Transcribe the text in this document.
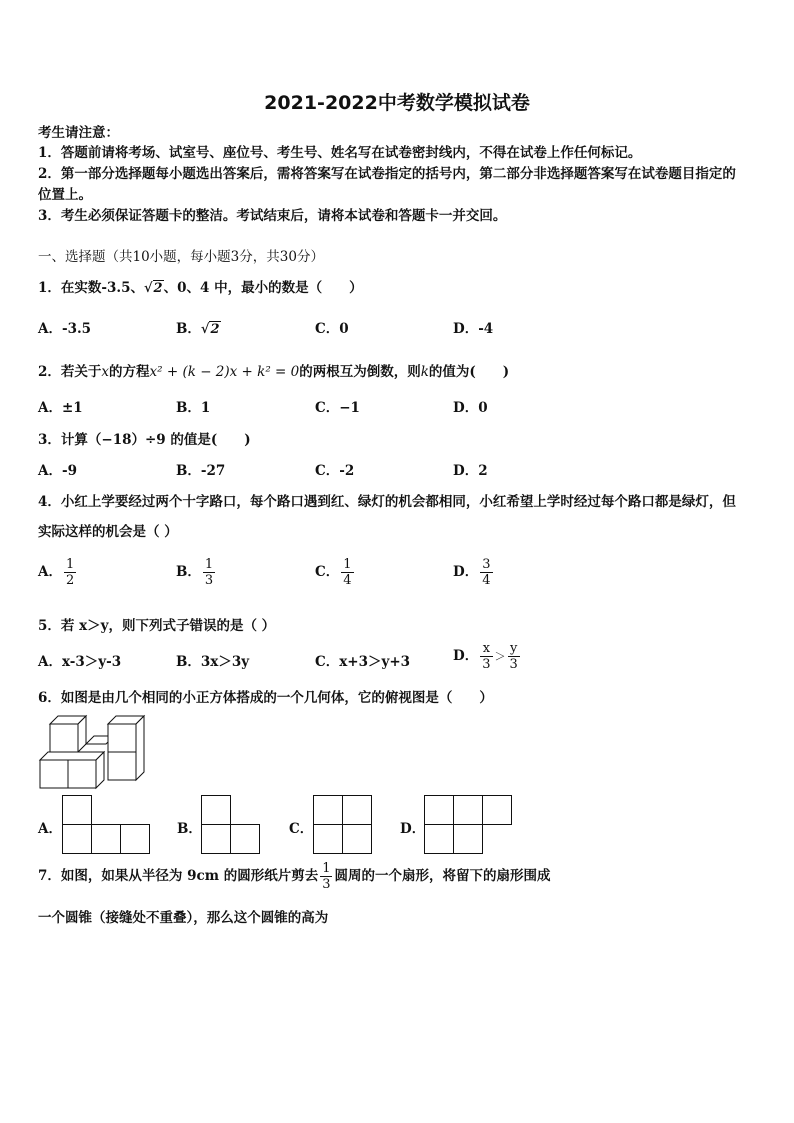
2021-2022中考数学模拟试卷
考生请注意：
1．答题前请将考场、试室号、座位号、考生号、姓名写在试卷密封线内，不得在试卷上作任何标记。
2．第一部分选择题每小题选出答案后，需将答案写在试卷指定的括号内，第二部分非选择题答案写在试卷题目指定的
位置上。
3．考生必须保证答题卡的整洁。考试结束后，请将本试卷和答题卡一并交回。
一、选择题（共10小题，每小题3分，共30分）
1．在实数-3.5、√2、0、4 中，最小的数是（　　）
A．-3.5	B．√2	C．0	D．-4
2．若关于x的方程x² + (k − 2)x + k² = 0的两根互为倒数，则k的值为(　　)
A．±1	B．1	C．−1	D．0
3．计算（−18）÷9 的值是(　　)
A．-9	B．-27	C．-2	D．2
4．小红上学要经过两个十字路口，每个路口遇到红、绿灯的机会都相同，小红希望上学时经过每个路口都是绿灯，但
实际这样的机会是（ ）
A． $\frac{1}{2}$	B． $\frac{1}{3}$	C． $\frac{1}{4}$	D． $\frac{3}{4}$
5．若 x＞y，则下列式子错误的是（ ）
A．x-3＞y-3	B．3x＞3y	C．x+3＞y+3	D． $\frac{x}{3} > \frac{y}{3}$
6．如图是由几个相同的小正方体搭成的一个几何体，它的俯视图是（　　）
A．	B．	C．	D．
7．如图，如果从半径为 9cm 的圆形纸片剪去 $\frac{1}{3}$ 圆周的一个扇形，将留下的扇形围成
一个圆锥（接缝处不重叠），那么这个圆锥的高为
